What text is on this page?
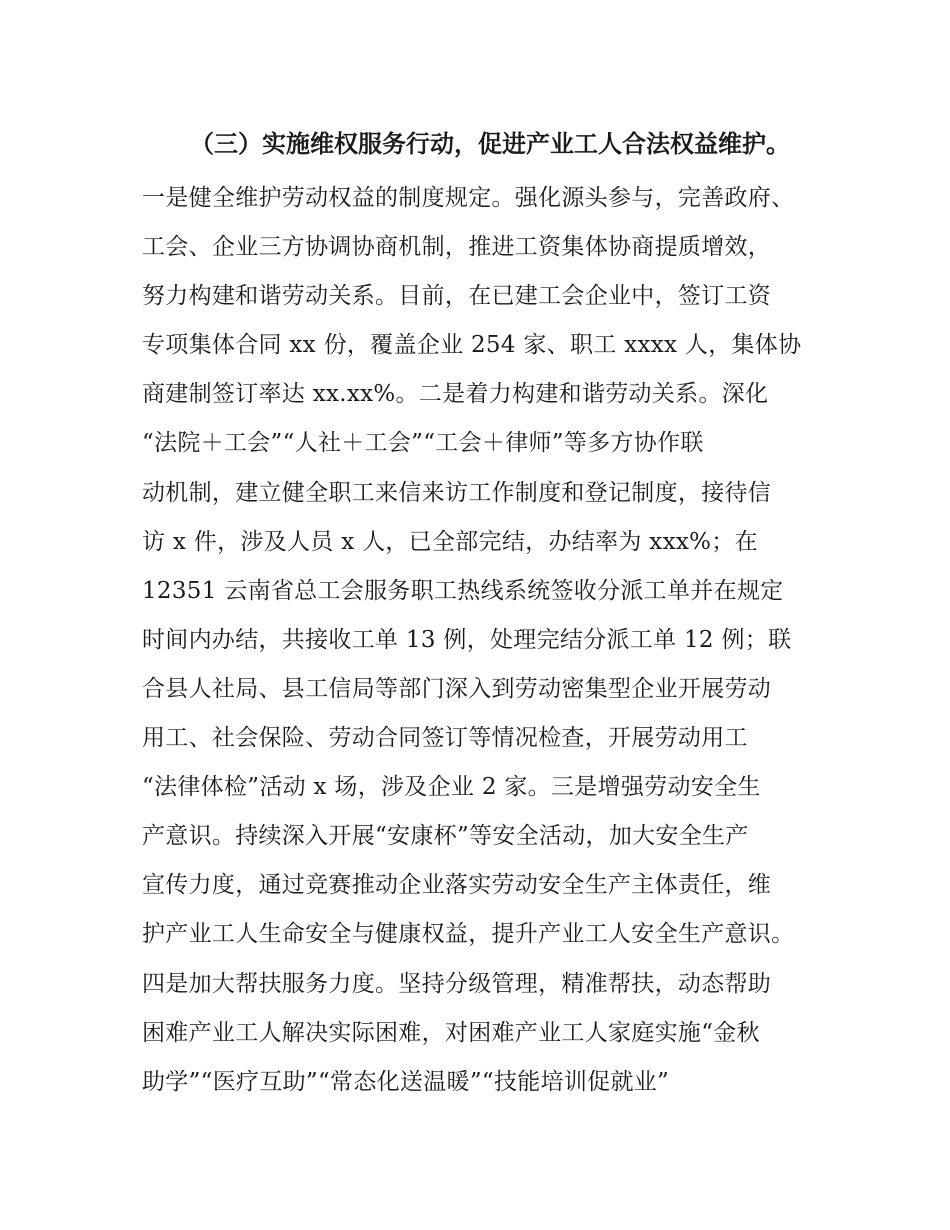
（三）实施维权服务行动，促进产业工人合法权益维护。
一是健全维护劳动权益的制度规定。强化源头参与，完善政府、
工会、企业三方协调协商机制，推进工资集体协商提质增效，
努力构建和谐劳动关系。目前，在已建工会企业中，签订工资
专项集体合同 xx 份，覆盖企业 254 家、职工 xxxx 人，集体协
商建制签订率达 xx.xx%。二是着力构建和谐劳动关系。深化
“法院＋工会”“人社＋工会”“工会＋律师”等多方协作联
动机制，建立健全职工来信来访工作制度和登记制度，接待信
访 x 件，涉及人员 x 人，已全部完结，办结率为 xxx%；在
12351 云南省总工会服务职工热线系统签收分派工单并在规定
时间内办结，共接收工单 13 例，处理完结分派工单 12 例；联
合县人社局、县工信局等部门深入到劳动密集型企业开展劳动
用工、社会保险、劳动合同签订等情况检查，开展劳动用工
“法律体检”活动 x 场，涉及企业 2 家。三是增强劳动安全生
产意识。持续深入开展“安康杯”等安全活动，加大安全生产
宣传力度，通过竞赛推动企业落实劳动安全生产主体责任，维
护产业工人生命安全与健康权益，提升产业工人安全生产意识。
四是加大帮扶服务力度。坚持分级管理，精准帮扶，动态帮助
困难产业工人解决实际困难，对困难产业工人家庭实施“金秋
助学”“医疗互助”“常态化送温暖”“技能培训促就业”
